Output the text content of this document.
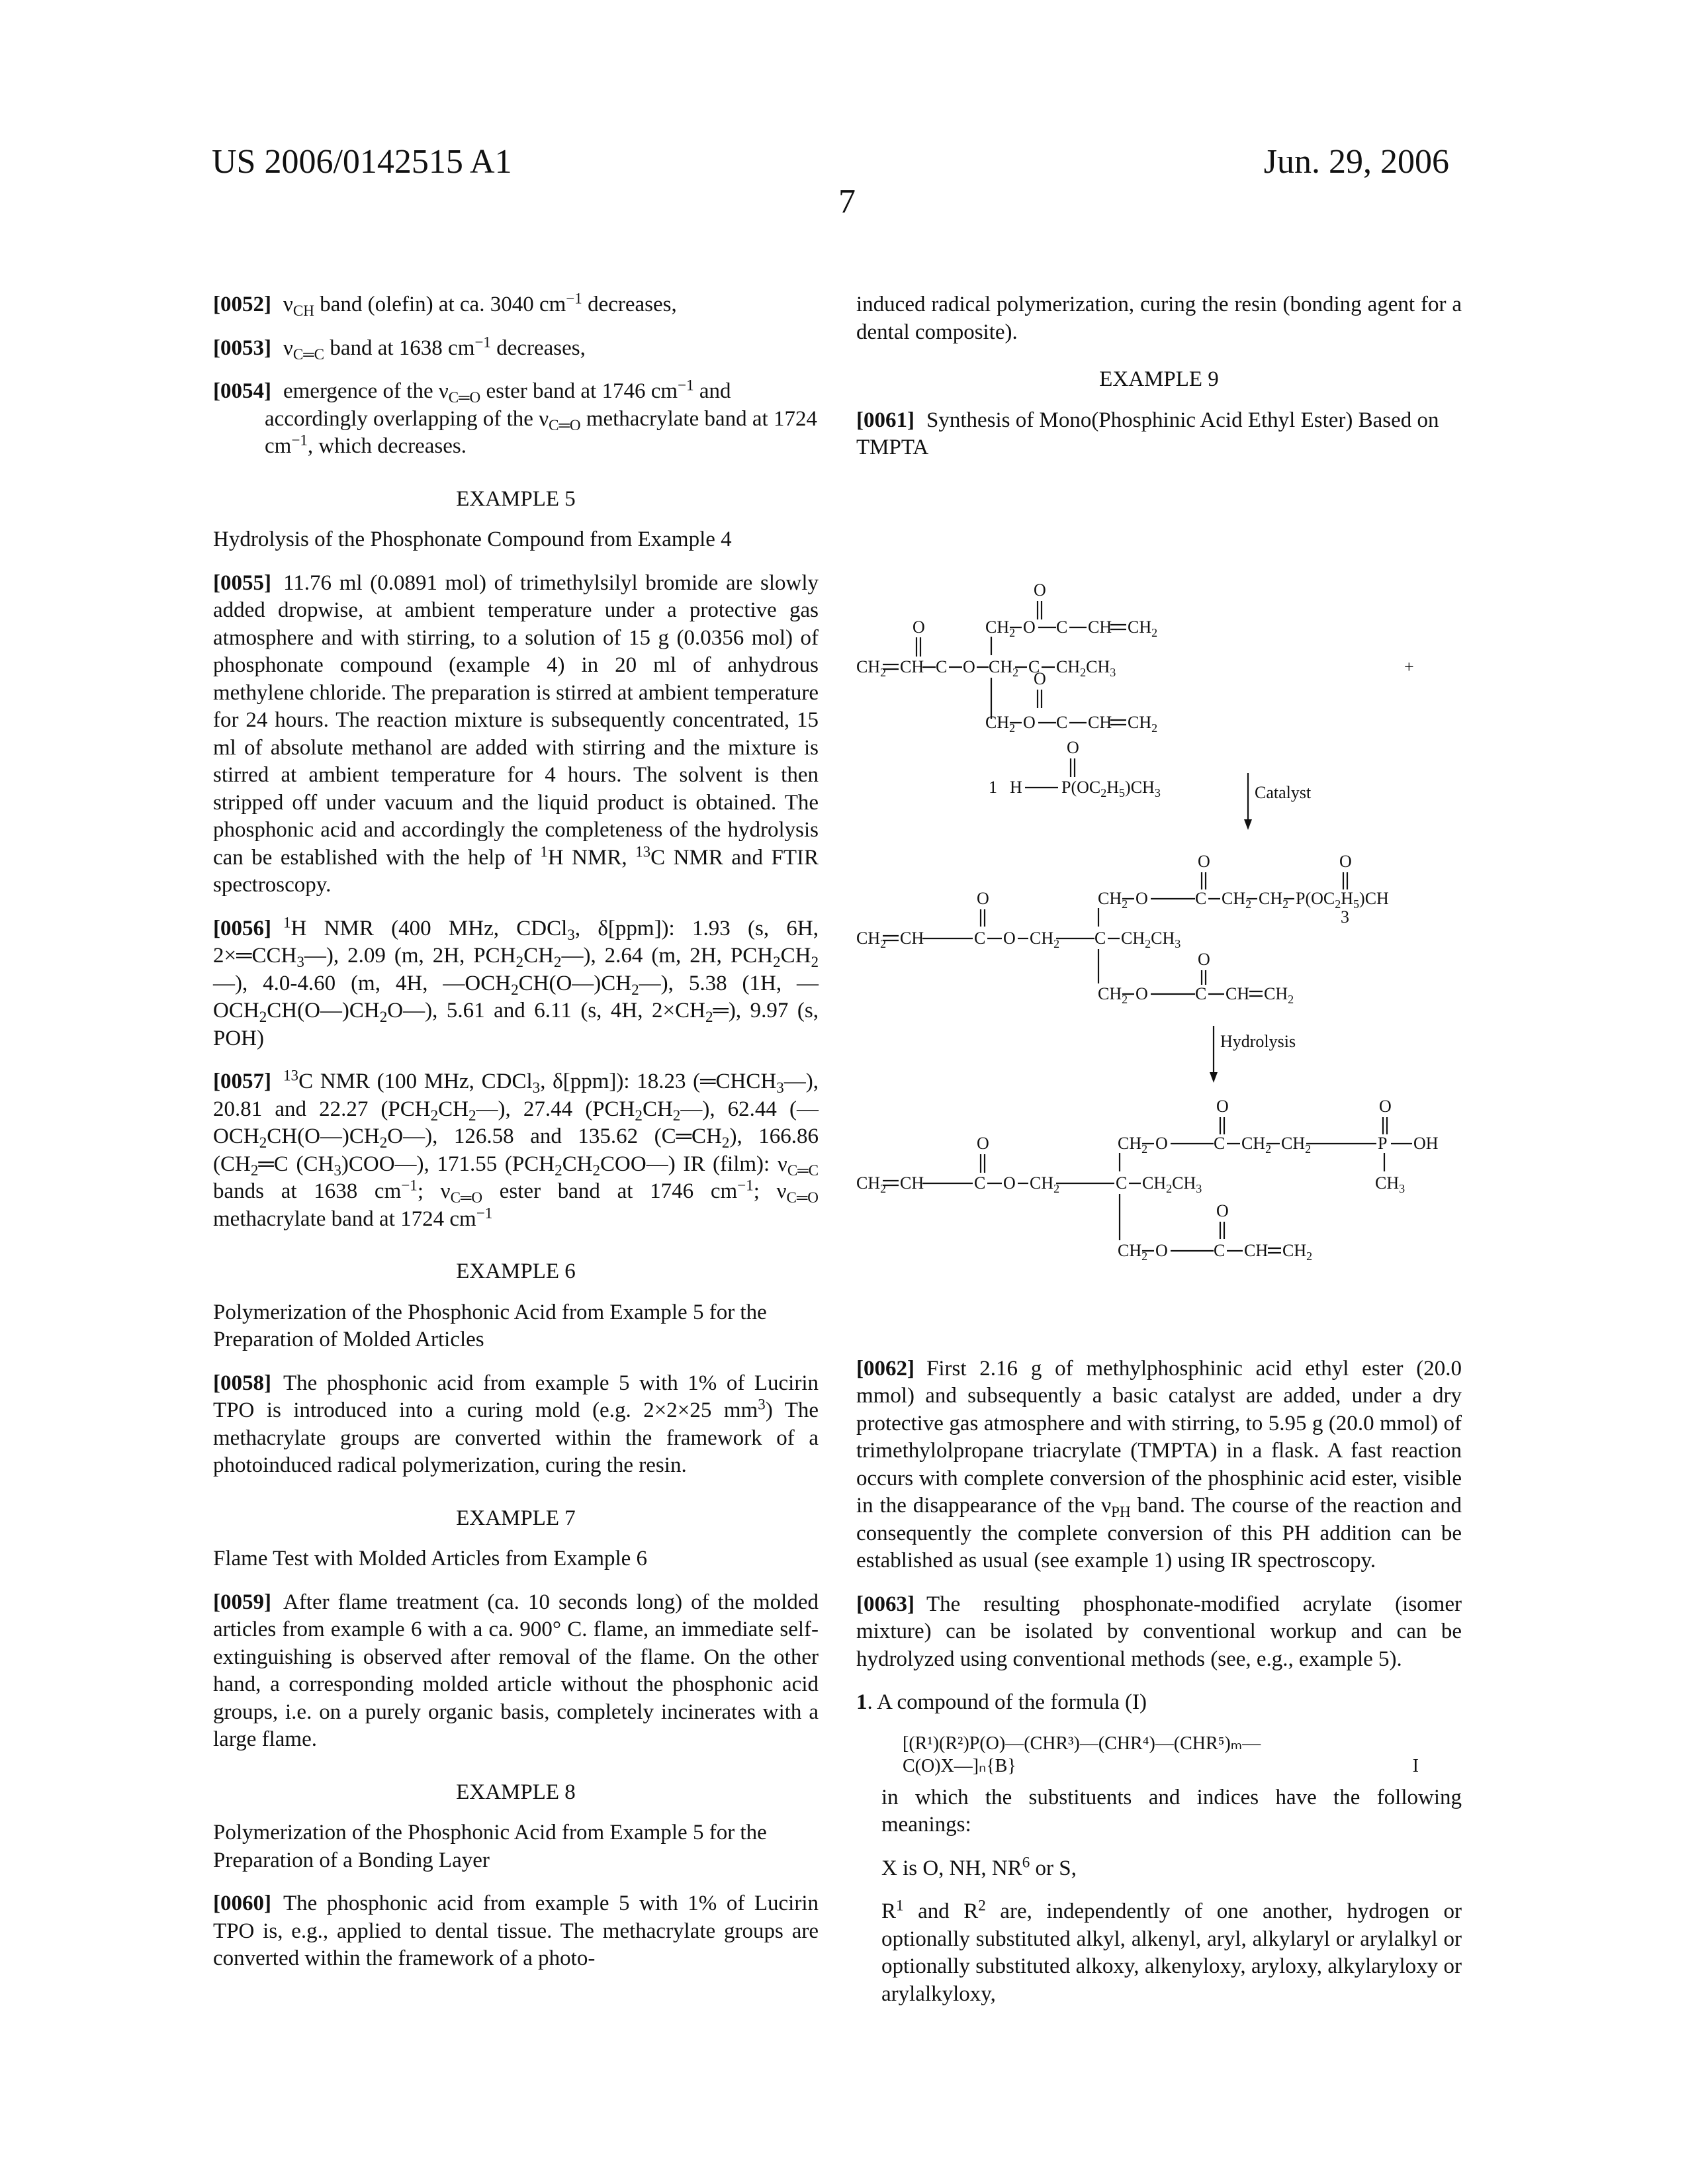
US 2006/0142515 A1	Jun. 29, 2006
7

[0052] νCH band (olefin) at ca. 3040 cm−1 decreases,

[0053] νC═C band at 1638 cm−1 decreases,

[0054] emergence of the νC═O ester band at 1746 cm−1 and accordingly overlapping of the νC═O methacrylate band at 1724 cm−1, which decreases.

EXAMPLE 5

Hydrolysis of the Phosphonate Compound from Example 4

[0055] 11.76 ml (0.0891 mol) of trimethylsilyl bromide are slowly added dropwise, at ambient temperature under a protective gas atmosphere and with stirring, to a solution of 15 g (0.0356 mol) of phosphonate compound (example 4) in 20 ml of anhydrous methylene chloride. The preparation is stirred at ambient temperature for 24 hours. The reaction mixture is subsequently concentrated, 15 ml of absolute methanol are added with stirring and the mixture is stirred at ambient temperature for 4 hours. The solvent is then stripped off under vacuum and the liquid product is obtained. The phosphonic acid and accordingly the completeness of the hydrolysis can be established with the help of 1H NMR, 13C NMR and FTIR spectroscopy.

[0056] 1H NMR (400 MHz, CDCl3, δ[ppm]): 1.93 (s, 6H, 2×═CCH3—), 2.09 (m, 2H, PCH2CH2—), 2.64 (m, 2H, PCH2CH2—), 4.0-4.60 (m, 4H, —OCH2CH(O—)CH2—), 5.38 (1H, —OCH2CH(O—)CH2O—), 5.61 and 6.11 (s, 4H, 2×CH2═), 9.97 (s, POH)

[0057] 13C NMR (100 MHz, CDCl3, δ[ppm]): 18.23 (═CHCH3—), 20.81 and 22.27 (PCH2CH2—), 27.44 (PCH2CH2—), 62.44 (—OCH2CH(O—)CH2O—), 126.58 and 135.62 (C═CH2), 166.86 (CH2═C (CH3)COO—), 171.55 (PCH2CH2COO—) IR (film): νC═C bands at 1638 cm−1; νC═O ester band at 1746 cm−1; νC═O methacrylate band at 1724 cm−1

EXAMPLE 6

Polymerization of the Phosphonic Acid from Example 5 for the Preparation of Molded Articles

[0058] The phosphonic acid from example 5 with 1% of Lucirin TPO is introduced into a curing mold (e.g. 2×2×25 mm3) The methacrylate groups are converted within the framework of a photoinduced radical polymerization, curing the resin.

EXAMPLE 7

Flame Test with Molded Articles from Example 6

[0059] After flame treatment (ca. 10 seconds long) of the molded articles from example 6 with a ca. 900° C. flame, an immediate self-extinguishing is observed after removal of the flame. On the other hand, a corresponding molded article without the phosphonic acid groups, i.e. on a purely organic basis, completely incinerates with a large flame.

EXAMPLE 8

Polymerization of the Phosphonic Acid from Example 5 for the Preparation of a Bonding Layer

[0060] The phosphonic acid from example 5 with 1% of Lucirin TPO is, e.g., applied to dental tissue. The methacrylate groups are converted within the framework of a photo-

induced radical polymerization, curing the resin (bonding agent for a dental composite).

EXAMPLE 9

[0061] Synthesis of Mono(Phosphinic Acid Ethyl Ester) Based on TMPTA

O
CH2 O C CH CH2
O
CH2 CH C O CH2 C CH2CH3	+
O
CH2 O C CH CH2
O
1 H P(OC2H5)CH3	Catalyst
O	O
CH2 O	C CH2 CH2 P(OC2H5)CH
3
O
CH2 CH	C O CH2 C CH2CH3
O
CH2 O	C CH CH2
Hydrolysis
O	O
CH2 O	C CH2 CH2	P OH
CH3
O
CH2 CH	C O CH2	C CH2CH3
O
CH2 O	C CH CH2

[0062] First 2.16 g of methylphosphinic acid ethyl ester (20.0 mmol) and subsequently a basic catalyst are added, under a dry protective gas atmosphere and with stirring, to 5.95 g (20.0 mmol) of trimethylolpropane triacrylate (TMPTA) in a flask. A fast reaction occurs with complete conversion of the phosphinic acid ester, visible in the disappearance of the νPH band. The course of the reaction and consequently the complete conversion of this PH addition can be established as usual (see example 1) using IR spectroscopy.

[0063] The resulting phosphonate-modified acrylate (isomer mixture) can be isolated by conventional workup and can be hydrolyzed using conventional methods (see, e.g., example 5).

1. A compound of the formula (I)

[(R¹)(R²)P(O)—(CHR³)—(CHR⁴)—(CHR⁵)ₘ—
C(O)X—]ₙ{B}	I

in which the substituents and indices have the following meanings:

X is O, NH, NR6 or S,

R1 and R2 are, independently of one another, hydrogen or optionally substituted alkyl, alkenyl, aryl, alkylaryl or arylalkyl or optionally substituted alkoxy, alkenyloxy, aryloxy, alkylaryloxy or arylalkyloxy,
